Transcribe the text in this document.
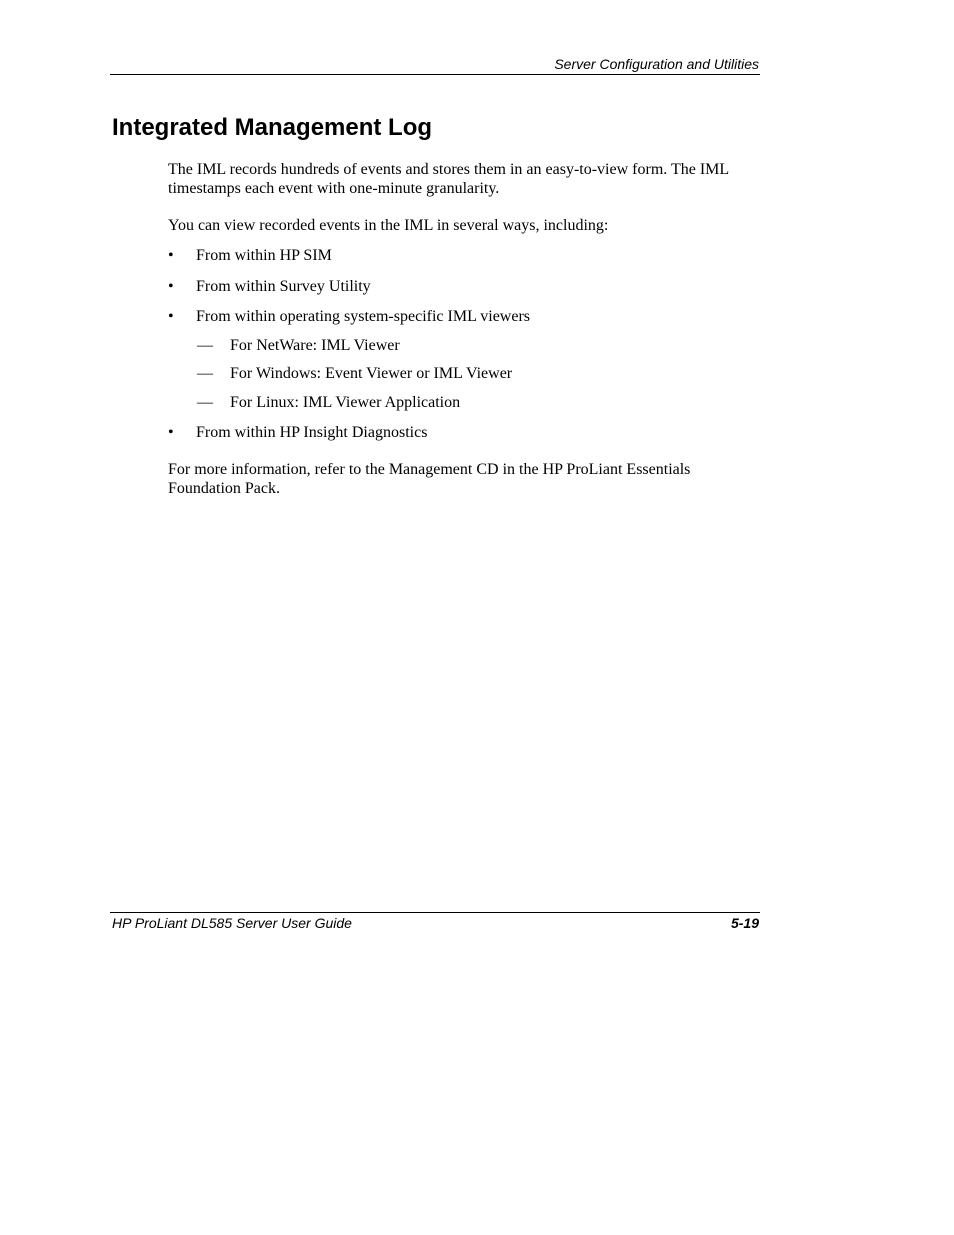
Server Configuration and Utilities
Integrated Management Log

The IML records hundreds of events and stores them in an easy-to-view form. The IML timestamps each event with one-minute granularity.

You can view recorded events in the IML in several ways, including:

• From within HP SIM
• From within Survey Utility
• From within operating system-specific IML viewers
— For NetWare: IML Viewer
— For Windows: Event Viewer or IML Viewer
— For Linux: IML Viewer Application
• From within HP Insight Diagnostics

For more information, refer to the Management CD in the HP ProLiant Essentials Foundation Pack.

HP ProLiant DL585 Server User Guide	5-19
